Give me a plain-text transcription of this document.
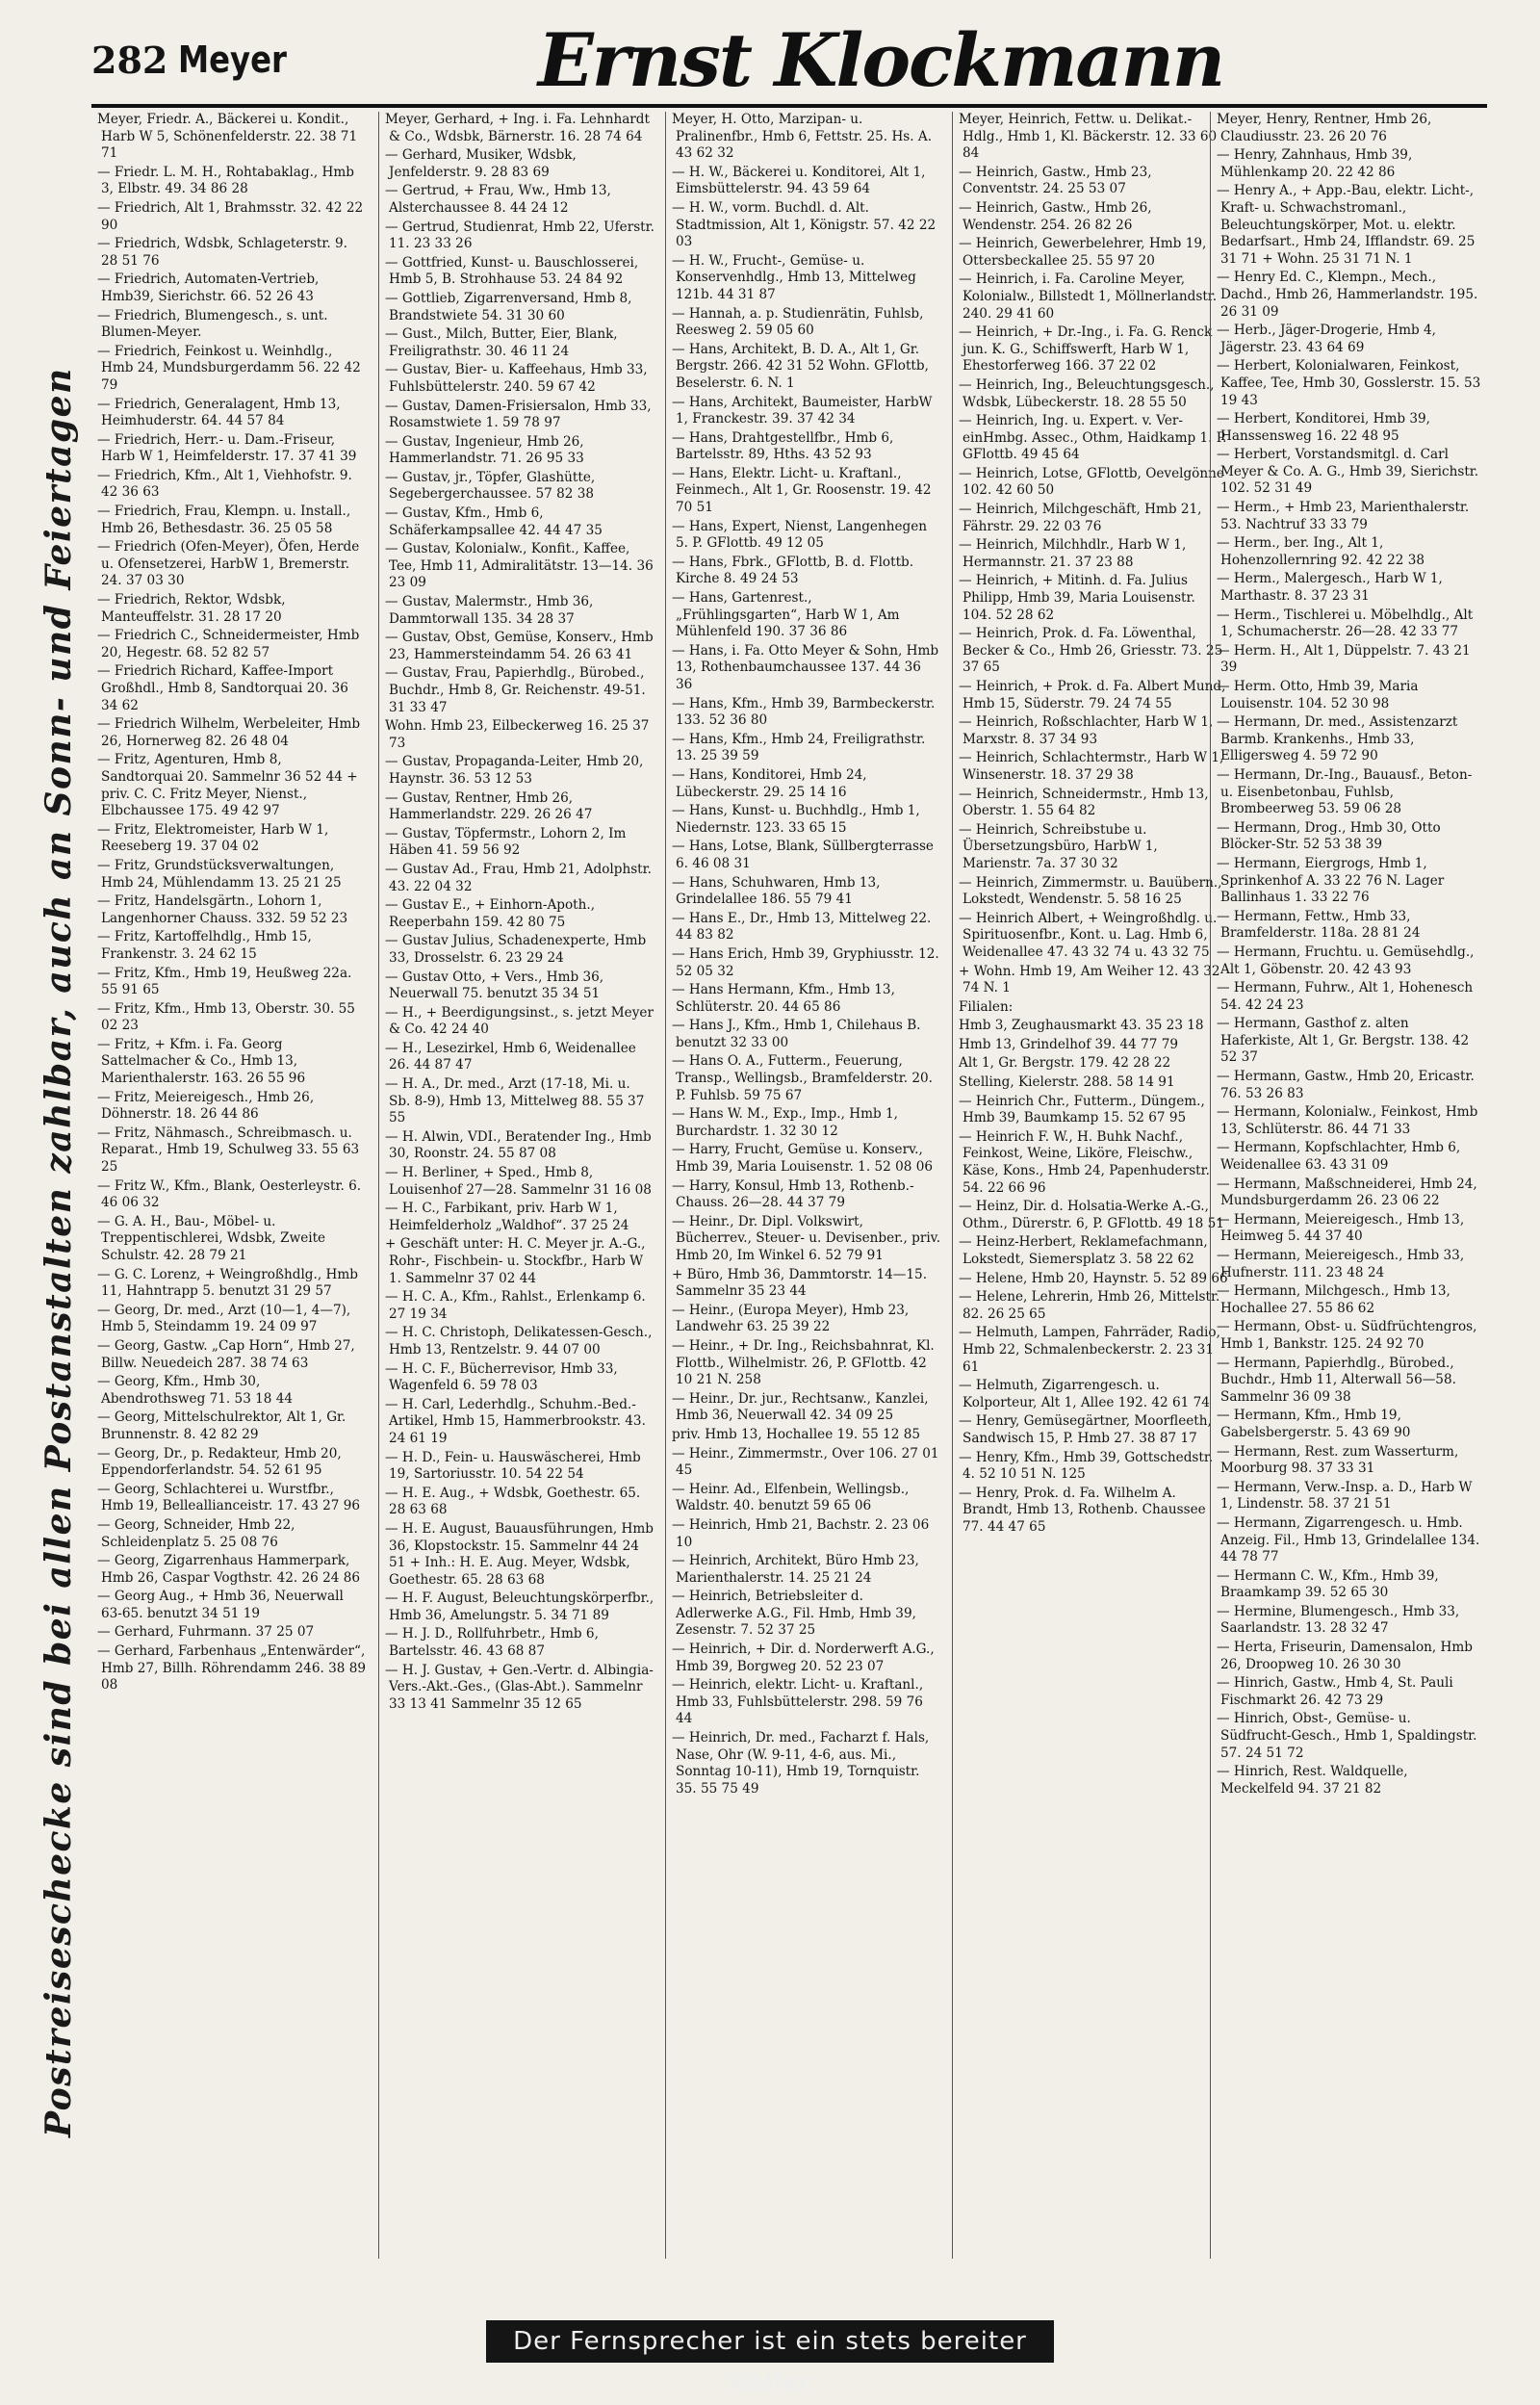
282 Meyer	Ernst Klockmann
Postreiseschecke sind bei allen Postanstalten zahlbar, auch an Sonn- und Feiertagen
Meyer, Friedr. A., Bäckerei u. Kondit., Harb W 5, Schönenfelderstr. 22. 38 71 71
— Friedr. L. M. H., Rohtabaklag., Hmb 3, Elbstr. 49. 34 86 28
— Friedrich, Alt 1, Brahmsstr. 32. 42 22 90
— Friedrich, Wdsbk, Schlageterstr. 9. 28 51 76
— Friedrich, Automaten-Vertrieb, Hmb39, Sierichstr. 66. 52 26 43
— Friedrich, Blumengesch., s. unt. Blumen-Meyer.
— Friedrich, Feinkost u. Weinhdlg., Hmb 24, Mundsburgerdamm 56. 22 42 79
— Friedrich, Generalagent, Hmb 13, Heimhuderstr. 64. 44 57 84
— Friedrich, Herr.- u. Dam.-Friseur, Harb W 1, Heimfelderstr. 17. 37 41 39
— Friedrich, Kfm., Alt 1, Viehhofstr. 9. 42 36 63
— Friedrich, Frau, Klempn. u. Install., Hmb 26, Bethesdastr. 36. 25 05 58
— Friedrich (Ofen-Meyer), Öfen, Herde u. Ofensetzerei, HarbW 1, Bremerstr. 24. 37 03 30
— Friedrich, Rektor, Wdsbk, Manteuffelstr. 31. 28 17 20
— Friedrich C., Schneidermeister, Hmb 20, Hegestr. 68. 52 82 57
— Friedrich Richard, Kaffee-Import Großhdl., Hmb 8, Sandtorquai 20. 36 34 62
— Friedrich Wilhelm, Werbeleiter, Hmb 26, Hornerweg 82. 26 48 04
— Fritz, Agenturen, Hmb 8, Sandtorquai 20. Sammelnr 36 52 44 + priv. C. C. Fritz Meyer, Nienst., Elbchaussee 175. 49 42 97
— Fritz, Elektromeister, Harb W 1, Reeseberg 19. 37 04 02
— Fritz, Grundstücksverwaltungen, Hmb 24, Mühlendamm 13. 25 21 25
— Fritz, Handelsgärtn., Lohorn 1, Langenhorner Chauss. 332. 59 52 23
— Fritz, Kartoffelhdlg., Hmb 15, Frankenstr. 3. 24 62 15
— Fritz, Kfm., Hmb 19, Heußweg 22a. 55 91 65
— Fritz, Kfm., Hmb 13, Oberstr. 30. 55 02 23
— Fritz, + Kfm. i. Fa. Georg Sattelmacher & Co., Hmb 13, Marienthalerstr. 163. 26 55 96
— Fritz, Meiereigesch., Hmb 26, Döhnerstr. 18. 26 44 86
— Fritz, Nähmasch., Schreibmasch. u. Reparat., Hmb 19, Schulweg 33. 55 63 25
— Fritz W., Kfm., Blank, Oesterleystr. 6. 46 06 32
— G. A. H., Bau-, Möbel- u. Treppentischlerei, Wdsbk, Zweite Schulstr. 42. 28 79 21
— G. C. Lorenz, + Weingroßhdlg., Hmb 11, Hahntrapp 5. benutzt 31 29 57
— Georg, Dr. med., Arzt (10—1, 4—7), Hmb 5, Steindamm 19. 24 09 97
— Georg, Gastw. „Cap Horn“, Hmb 27, Billw. Neuedeich 287. 38 74 63
— Georg, Kfm., Hmb 30, Abendrothsweg 71. 53 18 44
— Georg, Mittelschulrektor, Alt 1, Gr. Brunnenstr. 8. 42 82 29
— Georg, Dr., p. Redakteur, Hmb 20, Eppendorferlandstr. 54. 52 61 95
— Georg, Schlachterei u. Wurstfbr., Hmb 19, Belleallianceistr. 17. 43 27 96
— Georg, Schneider, Hmb 22, Schleidenplatz 5. 25 08 76
— Georg, Zigarrenhaus Hammerpark, Hmb 26, Caspar Vogthstr. 42. 26 24 86
— Georg Aug., + Hmb 36, Neuerwall 63-65. benutzt 34 51 19
— Gerhard, Fuhrmann. 37 25 07
— Gerhard, Farbenhaus „Entenwärder“, Hmb 27, Billh. Röhrendamm 246. 38 89 08
Meyer, Gerhard, + Ing. i. Fa. Lehnhardt & Co., Wdsbk, Bärnerstr. 16. 28 74 64
— Gerhard, Musiker, Wdsbk, Jenfelderstr. 9. 28 83 69
— Gertrud, + Frau, Ww., Hmb 13, Alsterchaussee 8. 44 24 12
— Gertrud, Studienrat, Hmb 22, Uferstr. 11. 23 33 26
— Gottfried, Kunst- u. Bauschlosserei, Hmb 5, B. Strohhause 53. 24 84 92
— Gottlieb, Zigarrenversand, Hmb 8, Brandstwiete 54. 31 30 60
— Gust., Milch, Butter, Eier, Blank, Freiligrathstr. 30. 46 11 24
— Gustav, Bier- u. Kaffeehaus, Hmb 33, Fuhlsbüttelerstr. 240. 59 67 42
— Gustav, Damen-Frisiersalon, Hmb 33, Rosamstwiete 1. 59 78 97
— Gustav, Ingenieur, Hmb 26, Hammerlandstr. 71. 26 95 33
— Gustav, jr., Töpfer, Glashütte, Segebergerchaussee. 57 82 38
— Gustav, Kfm., Hmb 6, Schäferkampsallee 42. 44 47 35
— Gustav, Kolonialw., Konfit., Kaffee, Tee, Hmb 11, Admiralitätstr. 13—14. 36 23 09
— Gustav, Malermstr., Hmb 36, Dammtorwall 135. 34 28 37
— Gustav, Obst, Gemüse, Konserv., Hmb 23, Hammersteindamm 54. 26 63 41
— Gustav, Frau, Papierhdlg., Bürobed., Buchdr., Hmb 8, Gr. Reichenstr. 49-51. 31 33 47
Wohn. Hmb 23, Eilbeckerweg 16. 25 37 73
— Gustav, Propaganda-Leiter, Hmb 20, Haynstr. 36. 53 12 53
— Gustav, Rentner, Hmb 26, Hammerlandstr. 229. 26 26 47
— Gustav, Töpfermstr., Lohorn 2, Im Häben 41. 59 56 92
— Gustav Ad., Frau, Hmb 21, Adolphstr. 43. 22 04 32
— Gustav E., + Einhorn-Apoth., Reeperbahn 159. 42 80 75
— Gustav Julius, Schadenexperte, Hmb 33, Drosselstr. 6. 23 29 24
— Gustav Otto, + Vers., Hmb 36, Neuerwall 75. benutzt 35 34 51
— H., + Beerdigungsinst., s. jetzt Meyer & Co. 42 24 40
— H., Lesezirkel, Hmb 6, Weidenallee 26. 44 87 47
— H. A., Dr. med., Arzt (17-18, Mi. u. Sb. 8-9), Hmb 13, Mittelweg 88. 55 37 55
— H. Alwin, VDI., Beratender Ing., Hmb 30, Roonstr. 24. 55 87 08
— H. Berliner, + Sped., Hmb 8, Louisenhof 27—28. Sammelnr 31 16 08
— H. C., Farbikant, priv. Harb W 1, Heimfelderholz „Waldhof“. 37 25 24
+ Geschäft unter: H. C. Meyer jr. A.-G., Rohr-, Fischbein- u. Stockfbr., Harb W 1. Sammelnr 37 02 44
— H. C. A., Kfm., Rahlst., Erlenkamp 6. 27 19 34
— H. C. Christoph, Delikatessen-Gesch., Hmb 13, Rentzelstr. 9. 44 07 00
— H. C. F., Bücherrevisor, Hmb 33, Wagenfeld 6. 59 78 03
— H. Carl, Lederhdlg., Schuhm.-Bed.-Artikel, Hmb 15, Hammerbrookstr. 43. 24 61 19
— H. D., Fein- u. Hauswäscherei, Hmb 19, Sartoriusstr. 10. 54 22 54
— H. E. Aug., + Wdsbk, Goethestr. 65. 28 63 68
— H. E. August, Bauausführungen, Hmb 36, Klopstockstr. 15. Sammelnr 44 24 51 + Inh.: H. E. Aug. Meyer, Wdsbk, Goethestr. 65. 28 63 68
— H. F. August, Beleuchtungskörperfbr., Hmb 36, Amelungstr. 5. 34 71 89
— H. J. D., Rollfuhrbetr., Hmb 6, Bartelsstr. 46. 43 68 87
— H. J. Gustav, + Gen.-Vertr. d. Albingia-Vers.-Akt.-Ges., (Glas-Abt.). Sammelnr 33 13 41 Sammelnr 35 12 65
Meyer, H. Otto, Marzipan- u. Pralinenfbr., Hmb 6, Fettstr. 25. Hs. A. 43 62 32
— H. W., Bäckerei u. Konditorei, Alt 1, Eimsbüttelerstr. 94. 43 59 64
— H. W., vorm. Buchdl. d. Alt. Stadtmission, Alt 1, Königstr. 57. 42 22 03
— H. W., Frucht-, Gemüse- u. Konservenhdlg., Hmb 13, Mittelweg 121b. 44 31 87
— Hannah, a. p. Studienrätin, Fuhlsb, Reesweg 2. 59 05 60
— Hans, Architekt, B. D. A., Alt 1, Gr. Bergstr. 266. 42 31 52 Wohn. GFlottb, Beselerstr. 6. N. 1
— Hans, Architekt, Baumeister, HarbW 1, Franckestr. 39. 37 42 34
— Hans, Drahtgestellfbr., Hmb 6, Bartelsstr. 89, Hths. 43 52 93
— Hans, Elektr. Licht- u. Kraftanl., Feinmech., Alt 1, Gr. Roosenstr. 19. 42 70 51
— Hans, Expert, Nienst, Langenhegen 5. P. GFlottb. 49 12 05
— Hans, Fbrk., GFlottb, B. d. Flottb. Kirche 8. 49 24 53
— Hans, Gartenrest., „Frühlingsgarten“, Harb W 1, Am Mühlenfeld 190. 37 36 86
— Hans, i. Fa. Otto Meyer & Sohn, Hmb 13, Rothenbaumchaussee 137. 44 36 36
— Hans, Kfm., Hmb 39, Barmbeckerstr. 133. 52 36 80
— Hans, Kfm., Hmb 24, Freiligrathstr. 13. 25 39 59
— Hans, Konditorei, Hmb 24, Lübeckerstr. 29. 25 14 16
— Hans, Kunst- u. Buchhdlg., Hmb 1, Niedernstr. 123. 33 65 15
— Hans, Lotse, Blank, Süllbergterrasse 6. 46 08 31
— Hans, Schuhwaren, Hmb 13, Grindelallee 186. 55 79 41
— Hans E., Dr., Hmb 13, Mittelweg 22. 44 83 82
— Hans Erich, Hmb 39, Gryphiusstr. 12. 52 05 32
— Hans Hermann, Kfm., Hmb 13, Schlüterstr. 20. 44 65 86
— Hans J., Kfm., Hmb 1, Chilehaus B. benutzt 32 33 00
— Hans O. A., Futterm., Feuerung, Transp., Wellingsb., Bramfelderstr. 20. P. Fuhlsb. 59 75 67
— Hans W. M., Exp., Imp., Hmb 1, Burchardstr. 1. 32 30 12
— Harry, Frucht, Gemüse u. Konserv., Hmb 39, Maria Louisenstr. 1. 52 08 06
— Harry, Konsul, Hmb 13, Rothenb.-Chauss. 26—28. 44 37 79
— Heinr., Dr. Dipl. Volkswirt, Bücherrev., Steuer- u. Devisenber., priv. Hmb 20, Im Winkel 6. 52 79 91
+ Büro, Hmb 36, Dammtorstr. 14—15. Sammelnr 35 23 44
— Heinr., (Europa Meyer), Hmb 23, Landwehr 63. 25 39 22
— Heinr., + Dr. Ing., Reichsbahnrat, Kl. Flottb., Wilhelmistr. 26, P. GFlottb. 42 10 21 N. 258
— Heinr., Dr. jur., Rechtsanw., Kanzlei, Hmb 36, Neuerwall 42. 34 09 25
priv. Hmb 13, Hochallee 19. 55 12 85
— Heinr., Zimmermstr., Over 106. 27 01 45
— Heinr. Ad., Elfenbein, Wellingsb., Waldstr. 40. benutzt 59 65 06
— Heinrich, Hmb 21, Bachstr. 2. 23 06 10
— Heinrich, Architekt, Büro Hmb 23, Marienthalerstr. 14. 25 21 24
— Heinrich, Betriebsleiter d. Adlerwerke A.G., Fil. Hmb, Hmb 39, Zesenstr. 7. 52 37 25
— Heinrich, + Dir. d. Norderwerft A.G., Hmb 39, Borgweg 20. 52 23 07
— Heinrich, elektr. Licht- u. Kraftanl., Hmb 33, Fuhlsbüttelerstr. 298. 59 76 44
— Heinrich, Dr. med., Facharzt f. Hals, Nase, Ohr (W. 9-11, 4-6, aus. Mi., Sonntag 10-11), Hmb 19, Tornquistr. 35. 55 75 49
Meyer, Heinrich, Fettw. u. Delikat.-Hdlg., Hmb 1, Kl. Bäckerstr. 12. 33 60 84
— Heinrich, Gastw., Hmb 23, Conventstr. 24. 25 53 07
— Heinrich, Gastw., Hmb 26, Wendenstr. 254. 26 82 26
— Heinrich, Gewerbelehrer, Hmb 19, Ottersbeckallee 25. 55 97 20
— Heinrich, i. Fa. Caroline Meyer, Kolonialw., Billstedt 1, Möllnerlandstr. 240. 29 41 60
— Heinrich, + Dr.-Ing., i. Fa. G. Renck jun. K. G., Schiffswerft, Harb W 1, Ehestorferweg 166. 37 22 02
— Heinrich, Ing., Beleuchtungsgesch., Wdsbk, Lübeckerstr. 18. 28 55 50
— Heinrich, Ing. u. Expert. v. Ver-einHmbg. Assec., Othm, Haidkamp 1. P. GFlottb. 49 45 64
— Heinrich, Lotse, GFlottb, Oevelgönne 102. 42 60 50
— Heinrich, Milchgeschäft, Hmb 21, Fährstr. 29. 22 03 76
— Heinrich, Milchhdlr., Harb W 1, Hermannstr. 21. 37 23 88
— Heinrich, + Mitinh. d. Fa. Julius Philipp, Hmb 39, Maria Louisenstr. 104. 52 28 62
— Heinrich, Prok. d. Fa. Löwenthal, Becker & Co., Hmb 26, Griesstr. 73. 25 37 65
— Heinrich, + Prok. d. Fa. Albert Mund, Hmb 15, Süderstr. 79. 24 74 55
— Heinrich, Roßschlachter, Harb W 1, Marxstr. 8. 37 34 93
— Heinrich, Schlachtermstr., Harb W 1, Winsenerstr. 18. 37 29 38
— Heinrich, Schneidermstr., Hmb 13, Oberstr. 1. 55 64 82
— Heinrich, Schreibstube u. Übersetzungsbüro, HarbW 1, Marienstr. 7a. 37 30 32
— Heinrich, Zimmermstr. u. Bauübern., Lokstedt, Wendenstr. 5. 58 16 25
— Heinrich Albert, + Weingroßhdlg. u. Spirituosenfbr., Kont. u. Lag. Hmb 6, Weidenallee 47. 43 32 74 u. 43 32 75
+ Wohn. Hmb 19, Am Weiher 12. 43 32 74 N. 1
Filialen:
Hmb 3, Zeughausmarkt 43. 35 23 18
Hmb 13, Grindelhof 39. 44 77 79
Alt 1, Gr. Bergstr. 179. 42 28 22
Stelling, Kielerstr. 288. 58 14 91
— Heinrich Chr., Futterm., Düngem., Hmb 39, Baumkamp 15. 52 67 95
— Heinrich F. W., H. Buhk Nachf., Feinkost, Weine, Liköre, Fleischw., Käse, Kons., Hmb 24, Papenhuderstr. 54. 22 66 96
— Heinz, Dir. d. Holsatia-Werke A.-G., Othm., Dürerstr. 6, P. GFlottb. 49 18 51
— Heinz-Herbert, Reklamefachmann, Lokstedt, Siemersplatz 3. 58 22 62
— Helene, Hmb 20, Haynstr. 5. 52 89 66
— Helene, Lehrerin, Hmb 26, Mittelstr. 82. 26 25 65
— Helmuth, Lampen, Fahrräder, Radio, Hmb 22, Schmalenbeckerstr. 2. 23 31 61
— Helmuth, Zigarrengesch. u. Kolporteur, Alt 1, Allee 192. 42 61 74
— Henry, Gemüsegärtner, Moorfleeth, Sandwisch 15, P. Hmb 27. 38 87 17
— Henry, Kfm., Hmb 39, Gottschedstr. 4. 52 10 51 N. 125
— Henry, Prok. d. Fa. Wilhelm A. Brandt, Hmb 13, Rothenb. Chaussee 77. 44 47 65
Meyer, Henry, Rentner, Hmb 26, Claudiusstr. 23. 26 20 76
— Henry, Zahnhaus, Hmb 39, Mühlenkamp 20. 22 42 86
— Henry A., + App.-Bau, elektr. Licht-, Kraft- u. Schwachstromanl., Beleuchtungskörper, Mot. u. elektr. Bedarfsart., Hmb 24, Ifflandstr. 69. 25 31 71 + Wohn. 25 31 71 N. 1
— Henry Ed. C., Klempn., Mech., Dachd., Hmb 26, Hammerlandstr. 195. 26 31 09
— Herb., Jäger-Drogerie, Hmb 4, Jägerstr. 23. 43 64 69
— Herbert, Kolonialwaren, Feinkost, Kaffee, Tee, Hmb 30, Gosslerstr. 15. 53 19 43
— Herbert, Konditorei, Hmb 39, Hanssensweg 16. 22 48 95
— Herbert, Vorstandsmitgl. d. Carl Meyer & Co. A. G., Hmb 39, Sierichstr. 102. 52 31 49
— Herm., + Hmb 23, Marienthalerstr. 53. Nachtruf 33 33 79
— Herm., ber. Ing., Alt 1, Hohenzollernring 92. 42 22 38
— Herm., Malergesch., Harb W 1, Marthastr. 8. 37 23 31
— Herm., Tischlerei u. Möbelhdlg., Alt 1, Schumacherstr. 26—28. 42 33 77
— Herm. H., Alt 1, Düppelstr. 7. 43 21 39
— Herm. Otto, Hmb 39, Maria Louisenstr. 104. 52 30 98
— Hermann, Dr. med., Assistenzarzt Barmb. Krankenhs., Hmb 33, Elligersweg 4. 59 72 90
— Hermann, Dr.-Ing., Bauausf., Beton- u. Eisenbetonbau, Fuhlsb, Brombeerweg 53. 59 06 28
— Hermann, Drog., Hmb 30, Otto Blöcker-Str. 52 53 38 39
— Hermann, Eiergrogs, Hmb 1, Sprinkenhof A. 33 22 76 N. Lager Ballinhaus 1. 33 22 76
— Hermann, Fettw., Hmb 33, Bramfelderstr. 118a. 28 81 24
— Hermann, Fruchtu. u. Gemüsehdlg., Alt 1, Göbenstr. 20. 42 43 93
— Hermann, Fuhrw., Alt 1, Hohenesch 54. 42 24 23
— Hermann, Gasthof z. alten Haferkiste, Alt 1, Gr. Bergstr. 138. 42 52 37
— Hermann, Gastw., Hmb 20, Ericastr. 76. 53 26 83
— Hermann, Kolonialw., Feinkost, Hmb 13, Schlüterstr. 86. 44 71 33
— Hermann, Kopfschlachter, Hmb 6, Weidenallee 63. 43 31 09
— Hermann, Maßschneiderei, Hmb 24, Mundsburgerdamm 26. 23 06 22
— Hermann, Meiereigesch., Hmb 13, Heimweg 5. 44 37 40
— Hermann, Meiereigesch., Hmb 33, Hufnerstr. 111. 23 48 24
— Hermann, Milchgesch., Hmb 13, Hochallee 27. 55 86 62
— Hermann, Obst- u. Südfrüchtengros, Hmb 1, Bankstr. 125. 24 92 70
— Hermann, Papierhdlg., Bürobed., Buchdr., Hmb 11, Alterwall 56—58. Sammelnr 36 09 38
— Hermann, Kfm., Hmb 19, Gabelsbergerstr. 5. 43 69 90
— Hermann, Rest. zum Wasserturm, Moorburg 98. 37 33 31
— Hermann, Verw.-Insp. a. D., Harb W 1, Lindenstr. 58. 37 21 51
— Hermann, Zigarrengesch. u. Hmb. Anzeig. Fil., Hmb 13, Grindelallee 134. 44 78 77
— Hermann C. W., Kfm., Hmb 39, Braamkamp 39. 52 65 30
— Hermine, Blumengesch., Hmb 33, Saarlandstr. 13. 28 32 47
— Herta, Friseurin, Damensalon, Hmb 26, Droopweg 10. 26 30 30
— Hinrich, Gastw., Hmb 4, St. Pauli Fischmarkt 26. 42 73 29
— Hinrich, Obst-, Gemüse- u. Südfrucht-Gesch., Hmb 1, Spaldingstr. 57. 24 51 72
— Hinrich, Rest. Waldquelle, Meckelfeld 94. 37 21 82
Der Fernsprecher ist ein stets bereiter Helfer
